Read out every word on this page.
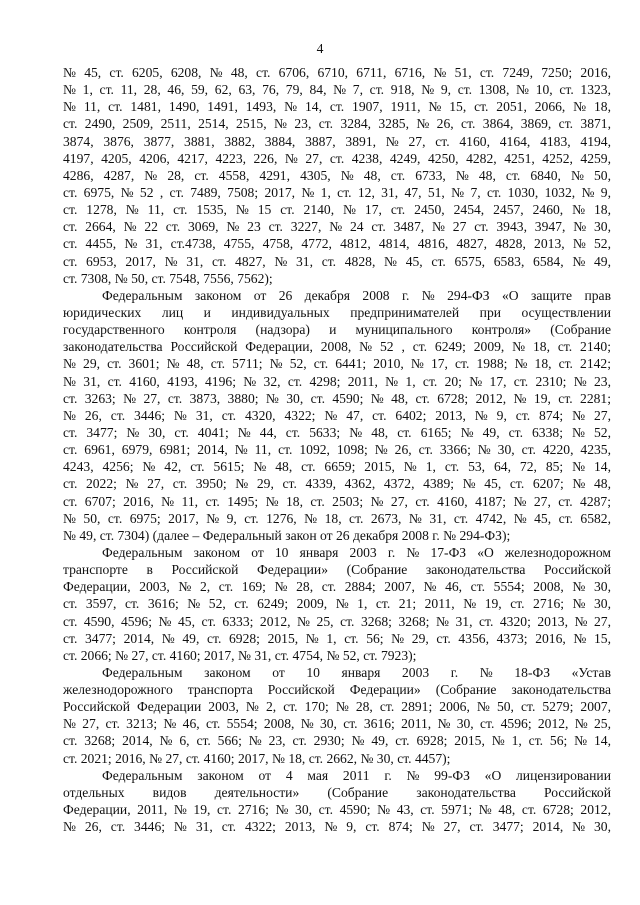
4
№ 45, ст. 6205, 6208, № 48, ст. 6706, 6710, 6711, 6716, № 51, ст. 7249, 7250; 2016,
№ 1, ст. 11, 28, 46, 59, 62, 63, 76, 79, 84, № 7, ст. 918, № 9, ст. 1308, № 10, ст. 1323,
№ 11, ст. 1481, 1490, 1491, 1493, № 14, ст. 1907, 1911, № 15, ст. 2051, 2066, № 18,
ст. 2490, 2509, 2511, 2514, 2515, № 23, ст. 3284, 3285, № 26, ст. 3864, 3869, ст. 3871,
3874, 3876, 3877, 3881, 3882, 3884, 3887, 3891, № 27, ст. 4160, 4164, 4183, 4194,
4197, 4205, 4206, 4217, 4223, 226, № 27, ст. 4238, 4249, 4250, 4282, 4251, 4252, 4259,
4286, 4287, № 28, ст. 4558, 4291, 4305, № 48, ст. 6733, № 48, ст. 6840, № 50,
ст. 6975, № 52 , ст. 7489, 7508; 2017, № 1, ст. 12, 31, 47, 51, № 7, ст. 1030, 1032, № 9,
ст. 1278, № 11, ст. 1535, № 15 ст. 2140, № 17, ст. 2450, 2454, 2457, 2460, № 18,
ст. 2664, № 22 ст. 3069, № 23 ст. 3227, № 24 ст. 3487, № 27 ст. 3943, 3947, № 30,
ст. 4455, № 31, ст.4738, 4755, 4758, 4772, 4812, 4814, 4816, 4827, 4828, 2013, № 52,
ст. 6953, 2017, № 31, ст. 4827, № 31, ст. 4828, № 45, ст. 6575, 6583, 6584, № 49,
ст. 7308, № 50, ст. 7548, 7556, 7562);
Федеральным законом от 26 декабря 2008 г. № 294-ФЗ «О защите прав
юридических лиц и индивидуальных предпринимателей при осуществлении
государственного контроля (надзора) и муниципального контроля» (Собрание
законодательства Российской Федерации, 2008, № 52 , ст. 6249; 2009, № 18, ст. 2140;
№ 29, ст. 3601; № 48, ст. 5711; № 52, ст. 6441; 2010, № 17, ст. 1988; № 18, ст. 2142;
№ 31, ст. 4160, 4193, 4196; № 32, ст. 4298; 2011, № 1, ст. 20; № 17, ст. 2310; № 23,
ст. 3263; № 27, ст. 3873, 3880; № 30, ст. 4590; № 48, ст. 6728; 2012, № 19, ст. 2281;
№ 26, ст. 3446; № 31, ст. 4320, 4322; № 47, ст. 6402; 2013, № 9, ст. 874; № 27,
ст. 3477; № 30, ст. 4041; № 44, ст. 5633; № 48, ст. 6165; № 49, ст. 6338; № 52,
ст. 6961, 6979, 6981; 2014, № 11, ст. 1092, 1098; № 26, ст. 3366; № 30, ст. 4220, 4235,
4243, 4256; № 42, ст. 5615; № 48, ст. 6659; 2015, № 1, ст. 53, 64, 72, 85; № 14,
ст. 2022; № 27, ст. 3950; № 29, ст. 4339, 4362, 4372, 4389; № 45, ст. 6207; № 48,
ст. 6707; 2016, № 11, ст. 1495; № 18, ст. 2503; № 27, ст. 4160, 4187; № 27, ст. 4287;
№ 50, ст. 6975; 2017, № 9, ст. 1276, № 18, ст. 2673, № 31, ст. 4742, № 45, ст. 6582,
№ 49, ст. 7304) (далее – Федеральный закон от 26 декабря 2008 г. № 294-ФЗ);
Федеральным законом от 10 января 2003 г. № 17-ФЗ «О железнодорожном
транспорте в Российской Федерации» (Собрание законодательства Российской
Федерации, 2003, № 2, ст. 169; № 28, ст. 2884; 2007, № 46, ст. 5554; 2008, № 30,
ст. 3597, ст. 3616; № 52, ст. 6249; 2009, № 1, ст. 21; 2011, № 19, ст. 2716; № 30,
ст. 4590, 4596; № 45, ст. 6333; 2012, № 25, ст. 3268; 3268; № 31, ст. 4320; 2013, № 27,
ст. 3477; 2014, № 49, ст. 6928; 2015, № 1, ст. 56; № 29, ст. 4356, 4373; 2016, № 15,
ст. 2066; № 27, ст. 4160; 2017, № 31, ст. 4754, № 52, ст. 7923);
Федеральным законом от 10 января 2003 г. № 18-ФЗ «Устав
железнодорожного транспорта Российской Федерации» (Собрание законодательства
Российской Федерации 2003, № 2, ст. 170; № 28, ст. 2891; 2006, № 50, ст. 5279; 2007,
№ 27, ст. 3213; № 46, ст. 5554; 2008, № 30, ст. 3616; 2011, № 30, ст. 4596; 2012, № 25,
ст. 3268; 2014, № 6, ст. 566; № 23, ст. 2930; № 49, ст. 6928; 2015, № 1, ст. 56; № 14,
ст. 2021; 2016, № 27, ст. 4160; 2017, № 18, ст. 2662, № 30, ст. 4457);
Федеральным законом от 4 мая 2011 г. № 99-ФЗ «О лицензировании
отдельных видов деятельности» (Собрание законодательства Российской
Федерации, 2011, № 19, ст. 2716; № 30, ст. 4590; № 43, ст. 5971; № 48, ст. 6728; 2012,
№ 26, ст. 3446; № 31, ст. 4322; 2013, № 9, ст. 874; № 27, ст. 3477; 2014, № 30,
